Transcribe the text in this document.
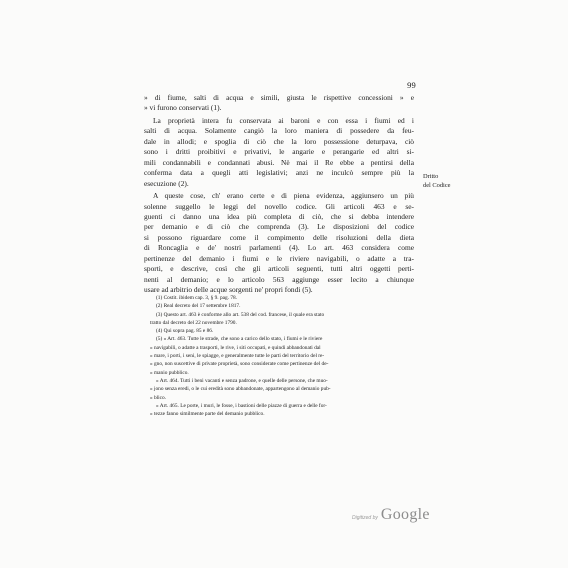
99
» di fiume, salti di acqua e simili, giusta le rispettive concessioni » e
» vi furono conservati (1).
La proprietà intera fu conservata ai baroni e con essa i fiumi ed i
salti di acqua. Solamente cangiò la loro maniera di possedere da feu-
dale in allodi; e spoglia di ciò che la loro possessione deturpava, ciò
sono i dritti proibitivi e privativi, le angarie e perangarie ed altri si-
mili condannabili e condannati abusi. Nè mai il Re ebbe a pentirsi della
conferma data a quegli atti legislativi; anzi ne inculcò sempre più la
esecuzione (2).
A queste cose, ch' erano certe e di piena evidenza, aggiunsero un più
solenne suggello le leggi del novello codice. Gli articoli 463 e se-
guenti ci danno una idea più completa di ciò, che si debba intendere
per demanio e di ciò che comprenda (3). Le disposizioni del codice
si possono riguardare come il compimento delle risoluzioni della dieta
di Roncaglia e de' nostri parlamenti (4). Lo art. 463 considera come
pertinenze del demanio i fiumi e le riviere navigabili, o adatte a tra-
sporti, e descrive, così che gli articoli seguenti, tutti altri oggetti perti-
nenti al demanio; e lo articolo 563 aggiunge esser lecito a chiunque
usare ad arbitrio delle acque sorgenti ne' propri fondi (5).
Dritto
del Codice
(1) Costit. ibidem cap. 3, § 9. pag. 78.
(2) Real decreto del 17 settembre 1817.
(3) Questo art. 463 è conforme allo art. 538 del cod. francese, il quale era stato
tratto dal decreto del 22 novembre 1790.
(4) Qui sopra pag. 85 e 86.
(5) » Art. 463. Tutte le strade, che sono a carico dello stato, i fiumi e le riviere
» navigabili, o adatte a trasporti, le rive, i siti occupati, e quindi abbandonati dal
» mare, i porti, i seni, le spiagge, e generalmente tutte le parti del territorio del re-
» gno, non suscettive di private proprietà, sono considerate come pertinenze del de-
» manio pubblico.
» Art. 464. Tutti i beni vacanti e senza padrone, e quelle delle persone, che muo-
» jono senza eredi, o le cui eredità sono abbandonate, appartengono al demanio pub-
» blico.
» Art. 465. Le porte, i muri, le fosse, i bastioni delle piazze di guerra e delle for-
» tezze fanno similmente parte del demanio pubblico.
Digitized by Google
